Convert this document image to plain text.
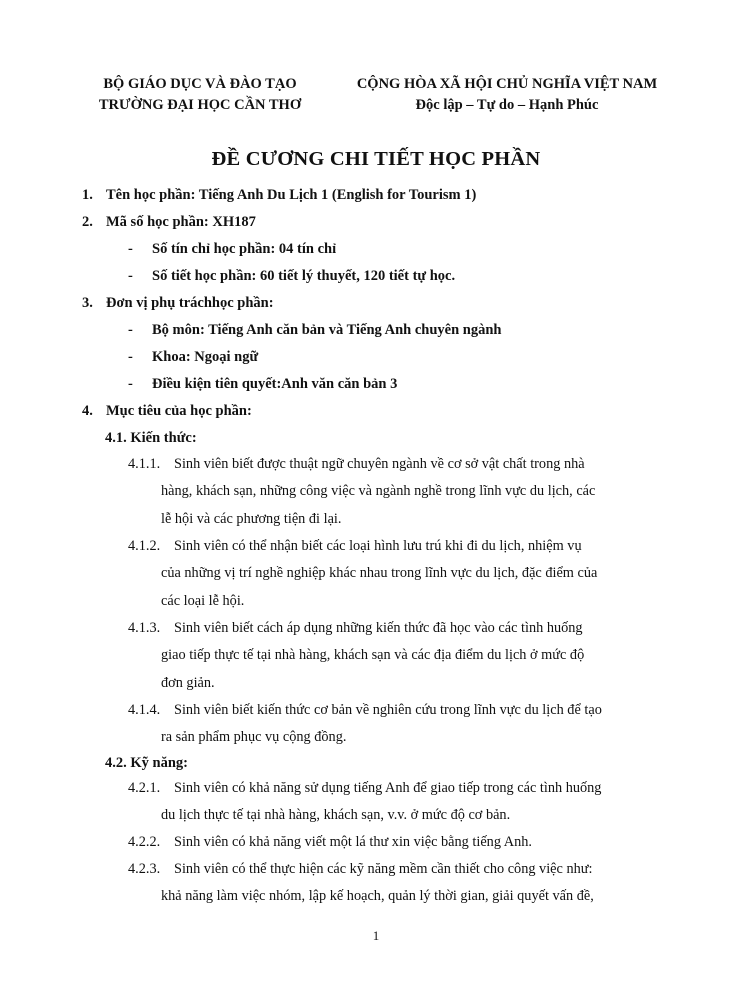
BỘ GIÁO DỤC VÀ ĐÀO TẠO
TRƯỜNG ĐẠI HỌC CẦN THƠ
CỘNG HÒA XÃ HỘI CHỦ NGHĨA VIỆT NAM
Độc lập – Tự do – Hạnh Phúc
ĐỀ CƯƠNG CHI TIẾT HỌC PHẦN
1. Tên học phần: Tiếng Anh Du Lịch 1 (English for Tourism 1)
2. Mã số học phần: XH187
- Số tín chỉ học phần: 04 tín chỉ
- Số tiết học phần: 60 tiết lý thuyết, 120 tiết tự học.
3. Đơn vị phụ tráchhọc phần:
- Bộ môn: Tiếng Anh căn bản và Tiếng Anh chuyên ngành
- Khoa: Ngoại ngữ
- Điều kiện tiên quyết:Anh văn căn bản 3
4. Mục tiêu của học phần:
4.1. Kiến thức:
4.1.1. Sinh viên biết được thuật ngữ chuyên ngành về cơ sở vật chất trong nhà
hàng, khách sạn, những công việc và ngành nghề trong lĩnh vực du lịch, các
lễ hội và các phương tiện đi lại.
4.1.2. Sinh viên có thể nhận biết các loại hình lưu trú khi đi du lịch, nhiệm vụ
của những vị trí nghề nghiệp khác nhau trong lĩnh vực du lịch, đặc điểm của
các loại lễ hội.
4.1.3. Sinh viên biết cách áp dụng những kiến thức đã học vào các tình huống
giao tiếp thực tế tại nhà hàng, khách sạn và các địa điểm du lịch ở mức độ
đơn giản.
4.1.4. Sinh viên biết kiến thức cơ bản về nghiên cứu trong lĩnh vực du lịch để tạo
ra sản phẩm phục vụ cộng đồng.
4.2. Kỹ năng:
4.2.1. Sinh viên có khả năng sử dụng tiếng Anh để giao tiếp trong các tình huống
du lịch thực tế tại nhà hàng, khách sạn, v.v. ở mức độ cơ bản.
4.2.2. Sinh viên có khả năng viết một lá thư xin việc bằng tiếng Anh.
4.2.3. Sinh viên có thể thực hiện các kỹ năng mềm cần thiết cho công việc như:
khả năng làm việc nhóm, lập kế hoạch, quản lý thời gian, giải quyết vấn đề,
1
